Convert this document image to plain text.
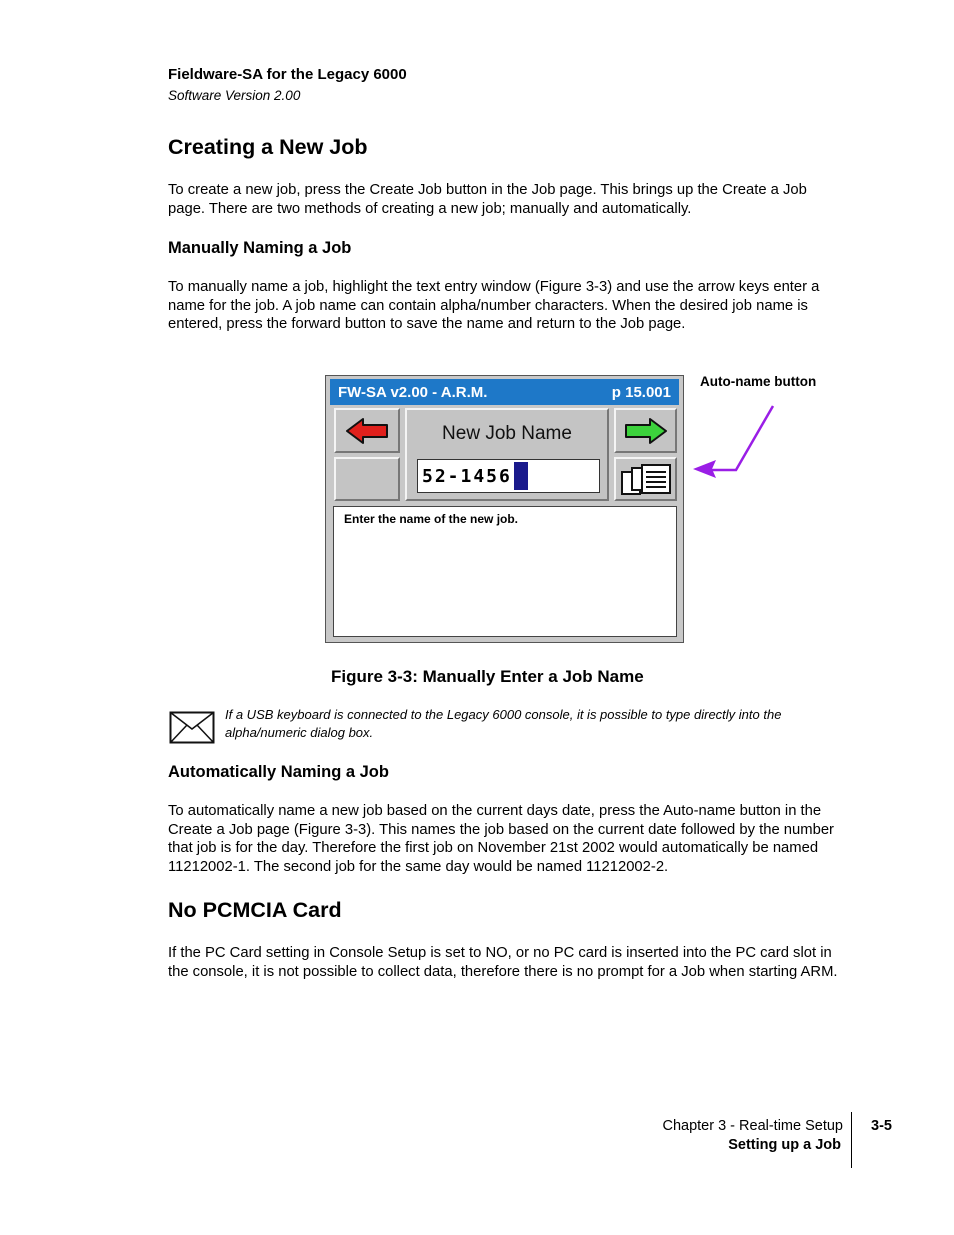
Fieldware-SA for the Legacy 6000
Software Version 2.00
Creating a New Job

To create a new job, press the Create Job button in the Job page. This brings up the Create a Job page. There are two methods of creating a new job; manually and automatically.

Manually Naming a Job

To manually name a job, highlight the text entry window (Figure 3-3) and use the arrow keys enter a name for the job. A job name can contain alpha/number characters. When the desired job name is entered, press the forward button to save the name and return to the Job page.

FW-SA v2.00 - A.R.M.	p 15.001
New Job Name
52-1456
Enter the name of the new job.
Auto-name button
Figure 3-3: Manually Enter a Job Name
If a USB keyboard is connected to the Legacy 6000 console, it is possible to type directly into the alpha/numeric dialog box.
Automatically Naming a Job

To automatically name a new job based on the current days date, press the Auto-name button in the Create a Job page (Figure 3-3). This names the job based on the current date followed by the number that job is for the day. Therefore the first job on November 21st 2002 would automatically be named 11212002-1. The second job for the same day would be named 11212002-2.

No PCMCIA Card

If the PC Card setting in Console Setup is set to NO, or no PC card is inserted into the PC card slot in the console, it is not possible to collect data, therefore there is no prompt for a Job when starting ARM.

Chapter 3 - Real-time Setup
Setting up a Job
3-5
